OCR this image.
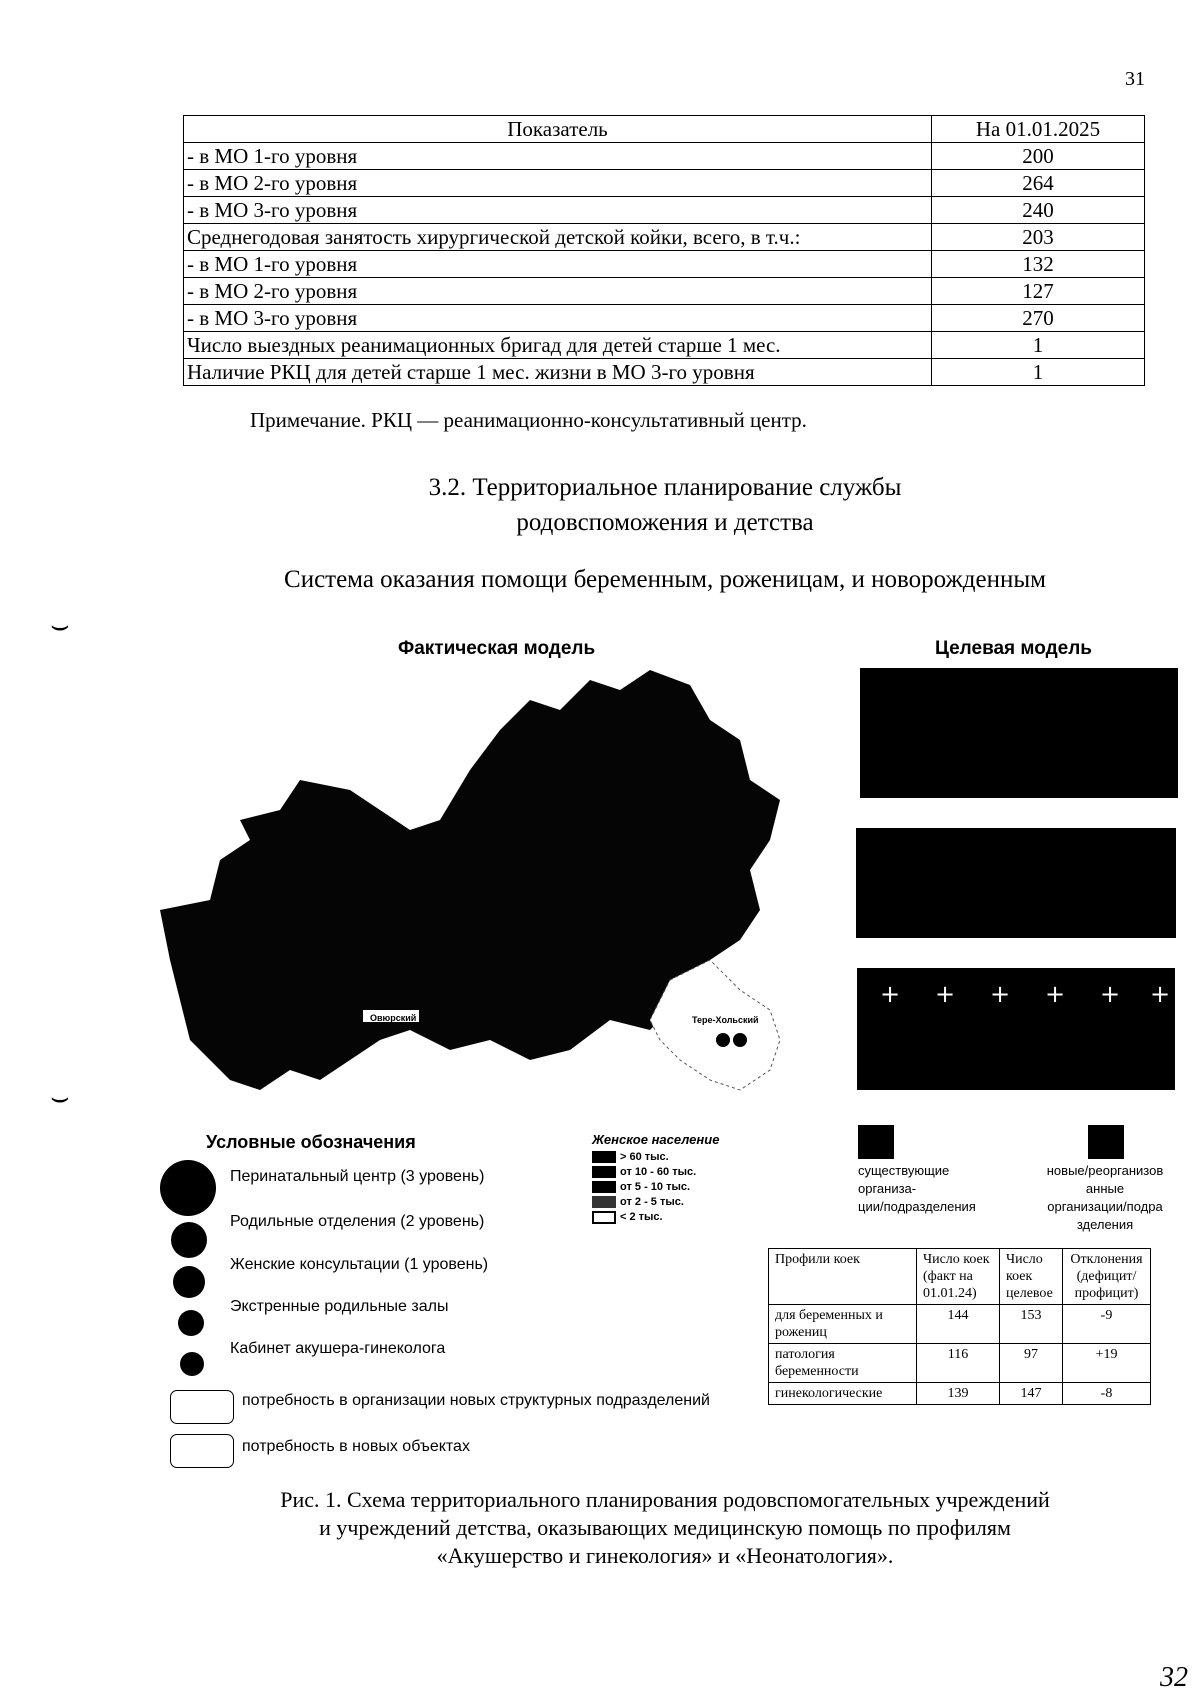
31
Показатель	На 01.01.2025
- в МО 1-го уровня	200
- в МО 2-го уровня	264
- в МО 3-го уровня	240
Среднегодовая занятость хирургической детской койки, всего, в т.ч.:	203
- в МО 1-го уровня	132
- в МО 2-го уровня	127
- в МО 3-го уровня	270
Число выездных реанимационных бригад для детей старше 1 мес.	1
Наличие РКЦ для детей старше 1 мес. жизни в МО 3-го уровня	1
Примечание. РКЦ — реанимационно-консультативный центр.
3.2. Территориальное планирование службы
родовспоможения и детства
Система оказания помощи беременным, роженицам, и новорожденным
⌣
⌣
Фактическая модель	Целевая модель
Овюрский	Тере-Хольский
+ + + + + +
существующие
организа-
ции/подразделения
новые/реорганизов
анные
организации/подра
зделения
Условные обозначения
Перинатальный центр (3 уровень)
Родильные отделения (2 уровень)
Женские консультации (1 уровень)
Экстренные родильные залы
Кабинет акушера-гинеколога
потребность в организации новых структурных подразделений
потребность в новых объектах
Женское население
> 60 тыс.
от 10 - 60 тыс.
от 5 - 10 тыс.
от 2 - 5 тыс.
< 2 тыс.
Профили коек	Число коек (факт на 01.01.24)	Число коек целевое	Отклонения (дефицит/ профицит)
для беременных и рожениц	144	153	-9
патология беременности	116	97	+19
гинекологические	139	147	-8
Рис. 1. Схема территориального планирования родовспомогательных учреждений
и учреждений детства, оказывающих медицинскую помощь по профилям
«Акушерство и гинекология» и «Неонатология».
32
